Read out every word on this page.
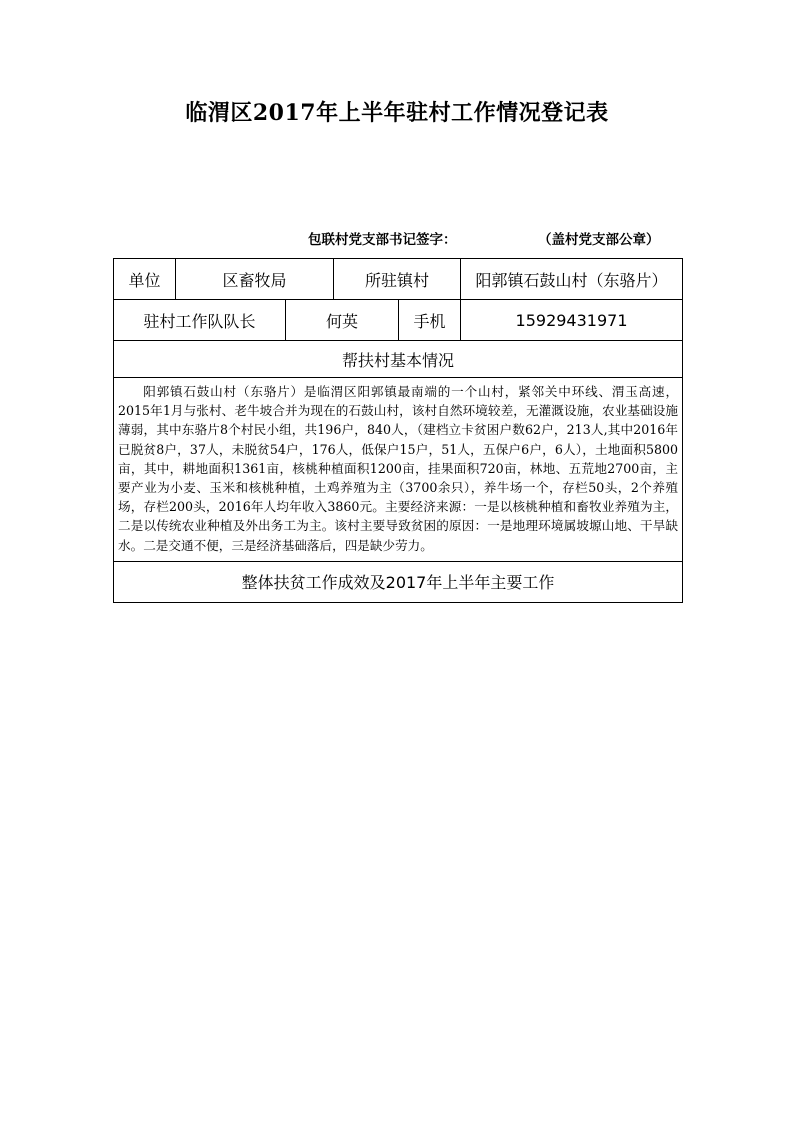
临渭区2017年上半年驻村工作情况登记表
包联村党支部书记签字：	（盖村党支部公章）
单位	区畜牧局		所驻镇村		阳郭镇石鼓山村（东骆片）
驻村工作队队长		何英		手机	15929431971
帮扶村基本情况					
阳郭镇石鼓山村（东骆片）是临渭区阳郭镇最南端的一个山村，紧邻关中环线、渭玉高速，2015年1月与张村、老牛坡合并为现在的石鼓山村，该村自然环境较差，无灌溉设施，农业基础设施薄弱，其中东骆片8个村民小组，共196户，840人，（建档立卡贫困户数62户，213人,其中2016年已脱贫8户，37人，未脱贫54户，176人，低保户15户，51人，五保户6户，6人），土地面积5800亩，其中，耕地面积1361亩，核桃种植面积1200亩，挂果面积720亩，林地、五荒地2700亩，主要产业为小麦、玉米和核桃种植，土鸡养殖为主（3700余只），养牛场一个，存栏50头，2个养殖场，存栏200头，2016年人均年收入3860元。主要经济来源：一是以核桃种植和畜牧业养殖为主，二是以传统农业种植及外出务工为主。该村主要导致贫困的原因：一是地理环境属坡塬山地、干旱缺水。二是交通不便，三是经济基础落后，四是缺少劳力。					
整体扶贫工作成效及2017年上半年主要工作					
